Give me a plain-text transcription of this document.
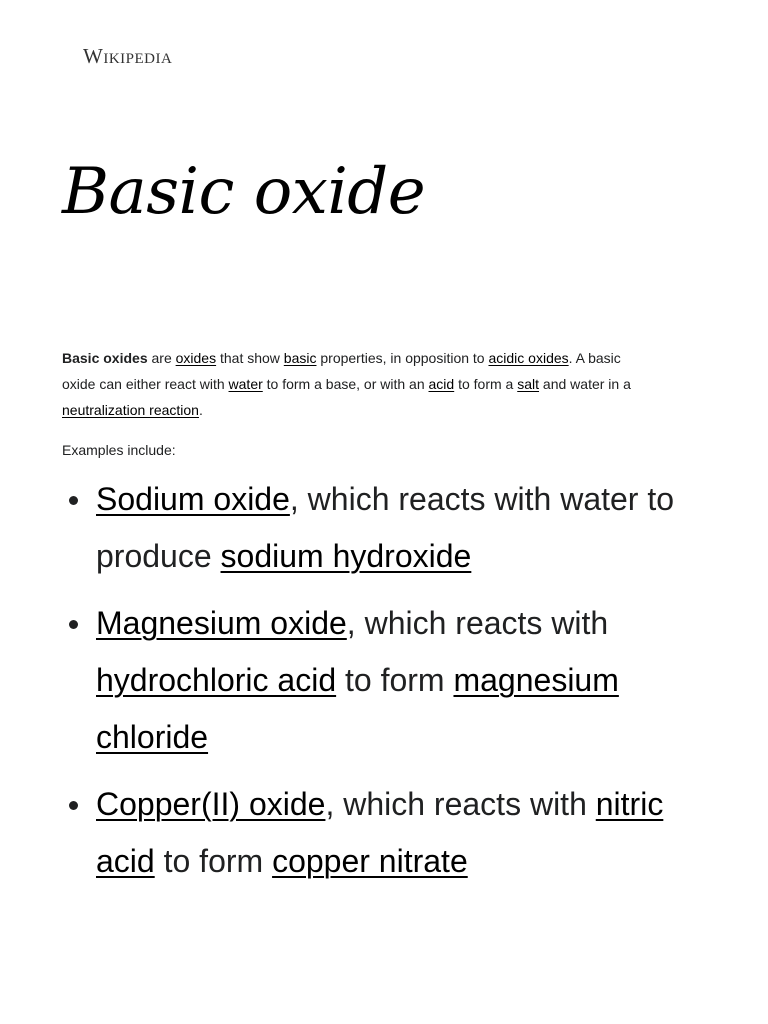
Wikipedia
Basic oxide

Basic oxides are oxides that show basic properties, in opposition to acidic oxides. A basic oxide can either react with water to form a base, or with an acid to form a salt and water in a neutralization reaction.

Examples include:

Sodium oxide, which reacts with water to produce sodium hydroxide
Magnesium oxide, which reacts with hydrochloric acid to form magnesium chloride
Copper(II) oxide, which reacts with nitric acid to form copper nitrate
